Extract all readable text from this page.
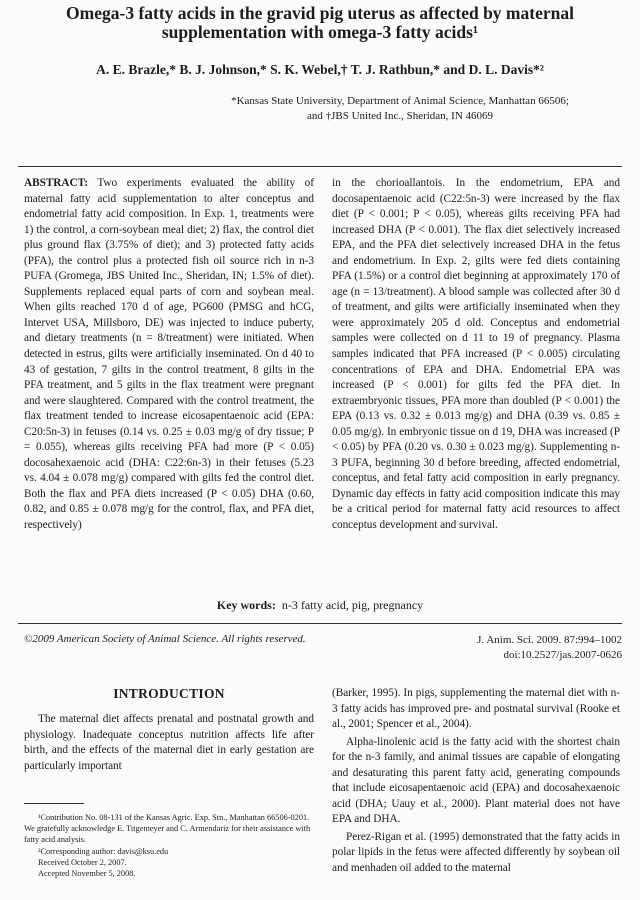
Omega-3 fatty acids in the gravid pig uterus as affected by maternal
supplementation with omega-3 fatty acids¹
A. E. Brazle,* B. J. Johnson,* S. K. Webel,† T. J. Rathbun,* and D. L. Davis*²
*Kansas State University, Department of Animal Science, Manhattan 66506;
and †JBS United Inc., Sheridan, IN 46069

ABSTRACT: Two experiments evaluated the ability of maternal fatty acid supplementation to alter conceptus and endometrial fatty acid composition. In Exp. 1, treatments were 1) the control, a corn-soybean meal diet; 2) flax, the control diet plus ground flax (3.75% of diet); and 3) protected fatty acids (PFA), the control plus a protected fish oil source rich in n-3 PUFA (Gromega, JBS United Inc., Sheridan, IN; 1.5% of diet). Supplements replaced equal parts of corn and soybean meal. When gilts reached 170 d of age, PG600 (PMSG and hCG, Intervet USA, Millsboro, DE) was injected to induce puberty, and dietary treatments (n = 8/treatment) were initiated. When detected in estrus, gilts were artificially inseminated. On d 40 to 43 of gestation, 7 gilts in the control treatment, 8 gilts in the PFA treatment, and 5 gilts in the flax treatment were pregnant and were slaughtered. Compared with the control treatment, the flax treatment tended to increase eicosapentaenoic acid (EPA: C20:5n-3) in fetuses (0.14 vs. 0.25 ± 0.03 mg/g of dry tissue; P = 0.055), whereas gilts receiving PFA had more (P < 0.05) docosahexaenoic acid (DHA: C22:6n-3) in their fetuses (5.23 vs. 4.04 ± 0.078 mg/g) compared with gilts fed the control diet. Both the flax and PFA diets increased (P < 0.05) DHA (0.60, 0.82, and 0.85 ± 0.078 mg/g for the control, flax, and PFA diet, respectively)

in the chorioallantois. In the endometrium, EPA and docosapentaenoic acid (C22:5n-3) were increased by the flax diet (P < 0.001; P < 0.05), whereas gilts receiving PFA had increased DHA (P < 0.001). The flax diet selectively increased EPA, and the PFA diet selectively increased DHA in the fetus and endometrium. In Exp. 2, gilts were fed diets containing PFA (1.5%) or a control diet beginning at approximately 170 of age (n = 13/treatment). A blood sample was collected after 30 d of treatment, and gilts were artificially inseminated when they were approximately 205 d old. Conceptus and endometrial samples were collected on d 11 to 19 of pregnancy. Plasma samples indicated that PFA increased (P < 0.005) circulating concentrations of EPA and DHA. Endometrial EPA was increased (P < 0.001) for gilts fed the PFA diet. In extraembryonic tissues, PFA more than doubled (P < 0.001) the EPA (0.13 vs. 0.32 ± 0.013 mg/g) and DHA (0.39 vs. 0.85 ± 0.05 mg/g). In embryonic tissue on d 19, DHA was increased (P < 0.05) by PFA (0.20 vs. 0.30 ± 0.023 mg/g). Supplementing n-3 PUFA, beginning 30 d before breeding, affected endometrial, conceptus, and fetal fatty acid composition in early pregnancy. Dynamic day effects in fatty acid composition indicate this may be a critical period for maternal fatty acid resources to affect conceptus development and survival.

Key words: n-3 fatty acid, pig, pregnancy
©2009 American Society of Animal Science. All rights reserved.	J. Anim. Sci. 2009. 87:994–1002
doi:10.2527/jas.2007-0626
INTRODUCTION

The maternal diet affects prenatal and postnatal growth and physiology. Inadequate conceptus nutrition affects life after birth, and the effects of the maternal diet in early gestation are particularly important

¹Contribution No. 08-131 of the Kansas Agric. Exp. Stn., Manhattan 66506-0201. We gratefully acknowledge E. Titgemeyer and C. Armendariz for their assistance with fatty acid analysis.

²Corresponding author: davis@ksu.edu

Received October 2, 2007.

Accepted November 5, 2008.

(Barker, 1995). In pigs, supplementing the maternal diet with n-3 fatty acids has improved pre- and postnatal survival (Rooke et al., 2001; Spencer et al., 2004).

Alpha-linolenic acid is the fatty acid with the shortest chain for the n-3 family, and animal tissues are capable of elongating and desaturating this parent fatty acid, generating compounds that include eicosapentaenoic acid (EPA) and docosahexaenoic acid (DHA; Uauy et al., 2000). Plant material does not have EPA and DHA.

Perez-Rigan et al. (1995) demonstrated that the fatty acids in polar lipids in the fetus were affected differently by soybean oil and menhaden oil added to the maternal
